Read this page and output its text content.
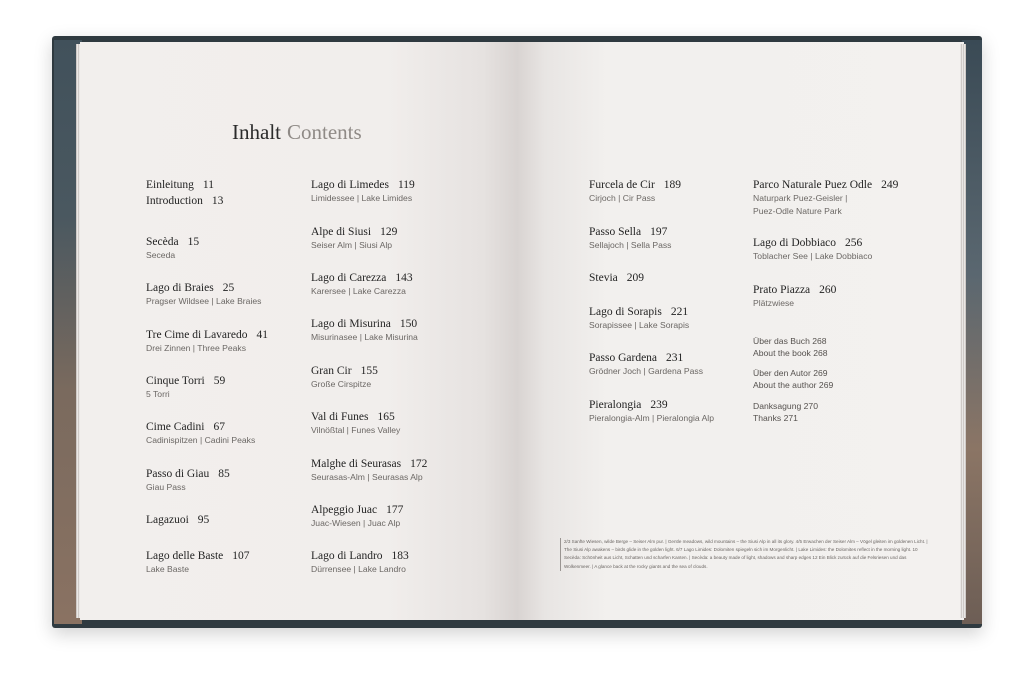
Inhalt Contents
Einleitung 11
Introduction 13
Secèda 15
Seceda
Lago di Braies 25
Pragser Wildsee | Lake Braies
Tre Cime di Lavaredo 41
Drei Zinnen | Three Peaks
Cinque Torri 59
5 Torri
Cime Cadini 67
Cadinispitzen | Cadini Peaks
Passo di Giau 85
Giau Pass
Lagazuoi 95
Lago delle Baste 107
Lake Baste
Lago di Limedes 119
Limidessee | Lake Limides
Alpe di Siusi 129
Seiser Alm | Siusi Alp
Lago di Carezza 143
Karersee | Lake Carezza
Lago di Misurina 150
Misurinasee | Lake Misurina
Gran Cir 155
Große Cirspitze
Val di Funes 165
Vilnößtal | Funes Valley
Malghe di Seurasas 172
Seurasas-Alm | Seurasas Alp
Alpeggio Juac 177
Juac-Wiesen | Juac Alp
Lago di Landro 183
Dürrensee | Lake Landro
Furcela de Cir 189
Cirjoch | Cir Pass
Passo Sella 197
Sellajoch | Sella Pass
Stevia 209
Lago di Sorapis 221
Sorapissee | Lake Sorapis
Passo Gardena 231
Grödner Joch | Gardena Pass
Pieralongia 239
Pieralongia-Alm | Pieralongia Alp
Parco Naturale Puez Odle 249
Naturpark Puez-Geisler |
Puez-Odle Nature Park
Lago di Dobbiaco 256
Toblacher See | Lake Dobbiaco
Prato Piazza 260
Plätzwiese
Über das Buch 268
About the book 268
Über den Autor 269
About the author 269
Danksagung 270
Thanks 271
2/3 Sanfte Wiesen, wilde Berge – Seiser Alm pur. | Gentle meadows, wild mountains – the Siusi Alp in all its glory. 4/5 Erwachen der Seiser Alm – Vögel gleiten im goldenen Licht. | The Siusi Alp awakens – birds glide in the golden light. 6/7 Lago Limides: Dolomiten spiegeln sich im Morgenlicht. | Lake Limides: the Dolomites reflect in the morning light. 10 Secèda: Schönheit aus Licht, Schatten und scharfen Kanten. | Secèda: a beauty made of light, shadows and sharp edges 12 Ein Blick zurück auf die Felsriesen und das Wolkenmeer. | A glance back at the rocky giants and the sea of clouds.
